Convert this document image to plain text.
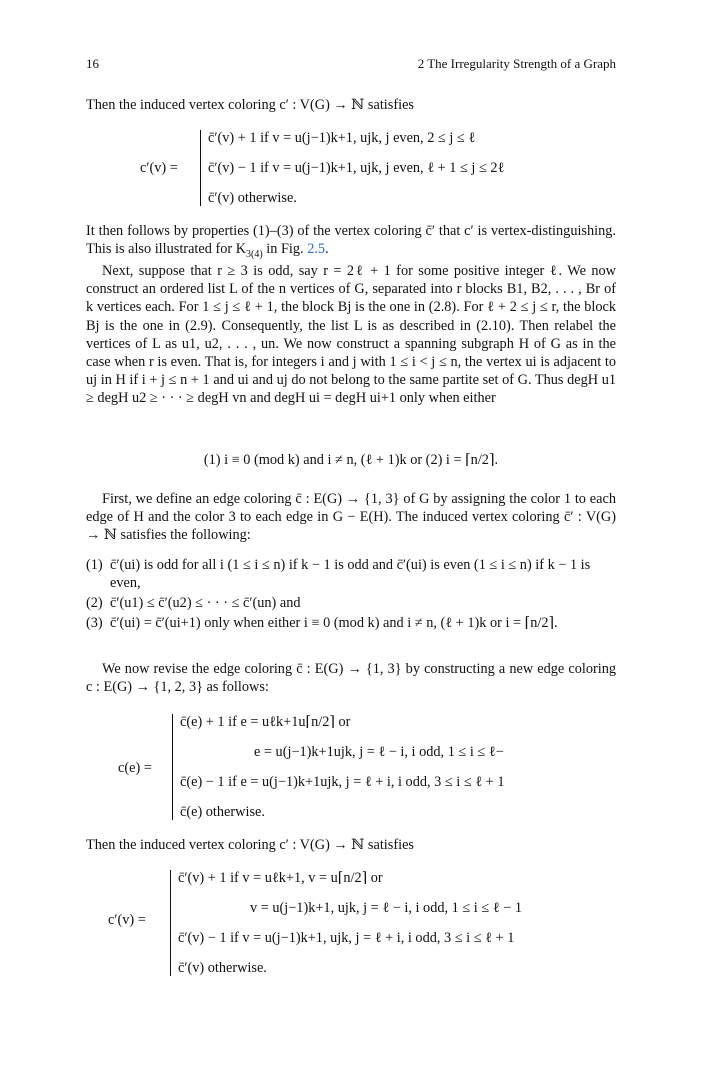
16	2 The Irregularity Strength of a Graph
Then the induced vertex coloring c′ : V(G) → ℕ satisfies
c′(v) =
c̄′(v) + 1 if v = u(j−1)k+1, ujk, j even, 2 ≤ j ≤ ℓ
c̄′(v) − 1 if v = u(j−1)k+1, ujk, j even, ℓ + 1 ≤ j ≤ 2ℓ
c̄′(v) otherwise.
It then follows by properties (1)–(3) of the vertex coloring c̄′ that c′ is vertex-distinguishing. This is also illustrated for $K_{3(4)}$ in Fig. 2.5.
Next, suppose that r ≥ 3 is odd, say r = 2ℓ + 1 for some positive integer ℓ. We now construct an ordered list L of the n vertices of G, separated into r blocks B1, B2, . . . , Br of k vertices each. For 1 ≤ j ≤ ℓ + 1, the block Bj is the one in (2.8). For ℓ + 2 ≤ j ≤ r, the block Bj is the one in (2.9). Consequently, the list L is as described in (2.10). Then relabel the vertices of L as u1, u2, . . . , un. We now construct a spanning subgraph H of G as in the case when r is even. That is, for integers i and j with 1 ≤ i < j ≤ n, the vertex ui is adjacent to uj in H if i + j ≤ n + 1 and ui and uj do not belong to the same partite set of G. Thus degH u1 ≥ degH u2 ≥ · · · ≥ degH vn and degH ui = degH ui+1 only when either
(1) i ≡ 0 (mod k) and i ≠ n, (ℓ + 1)k or (2) i = ⌈n/2⌉.
First, we define an edge coloring c̄ : E(G) → {1, 3} of G by assigning the color 1 to each edge of H and the color 3 to each edge in G − E(H). The induced vertex coloring c̄′ : V(G) → ℕ satisfies the following:
(1) c̄′(ui) is odd for all i (1 ≤ i ≤ n) if k − 1 is odd and c̄′(ui) is even (1 ≤ i ≤ n) if k − 1 is even,
(2) c̄′(u1) ≤ c̄′(u2) ≤ · · · ≤ c̄′(un) and
(3) c̄′(ui) = c̄′(ui+1) only when either i ≡ 0 (mod k) and i ≠ n, (ℓ + 1)k or i = ⌈n/2⌉.
We now revise the edge coloring c̄ : E(G) → {1, 3} by constructing a new edge coloring c : E(G) → {1, 2, 3} as follows:
c(e) =
c̄(e) + 1 if e = uℓk+1u⌈n/2⌉ or
e = u(j−1)k+1ujk, j = ℓ − i, i odd, 1 ≤ i ≤ ℓ−
c̄(e) − 1 if e = u(j−1)k+1ujk, j = ℓ + i, i odd, 3 ≤ i ≤ ℓ + 1
c̄(e) otherwise.
Then the induced vertex coloring c′ : V(G) → ℕ satisfies
c′(v) =
c̄′(v) + 1 if v = uℓk+1, v = u⌈n/2⌉ or
v = u(j−1)k+1, ujk, j = ℓ − i, i odd, 1 ≤ i ≤ ℓ − 1
c̄′(v) − 1 if v = u(j−1)k+1, ujk, j = ℓ + i, i odd, 3 ≤ i ≤ ℓ + 1
c̄′(v) otherwise.
